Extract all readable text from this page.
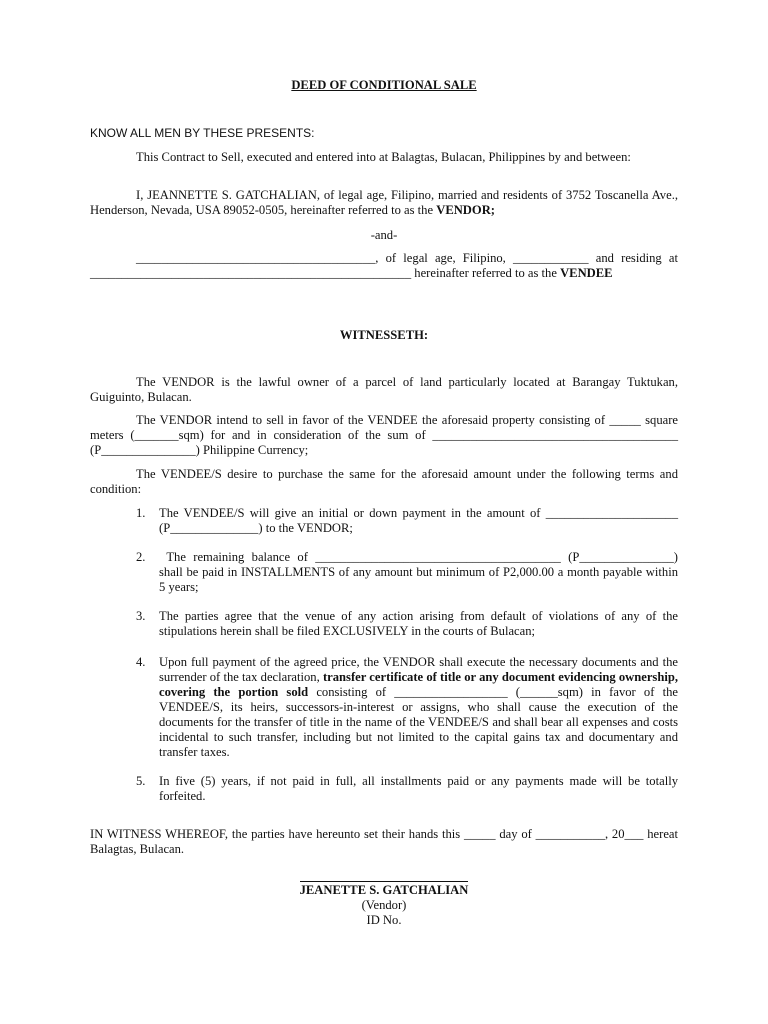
DEED OF CONDITIONAL SALE
KNOW ALL MEN BY THESE PRESENTS:
This Contract to Sell, executed and entered into at Balagtas, Bulacan, Philippines by and between:
I, JEANNETTE S. GATCHALIAN, of legal age, Filipino, married and residents of 3752 Toscanella Ave., Henderson, Nevada, USA 89052-0505, hereinafter referred to as the VENDOR;
-and-
______________________________________, of legal age, Filipino, ____________ and residing at ___________________________________________________ hereinafter referred to as the VENDEE
WITNESSETH:
The VENDOR is the lawful owner of a parcel of land particularly located at Barangay Tuktukan, Guiguinto, Bulacan.
The VENDOR intend to sell in favor of the VENDEE the aforesaid property consisting of _____ square meters (_______sqm) for and in consideration of the sum of _______________________________________ (P_______________) Philippine Currency;
The VENDEE/S desire to purchase the same for the aforesaid amount under the following terms and condition:
1. The VENDEE/S will give an initial or down payment in the amount of _____________________ (P______________) to the VENDOR;
2. The remaining balance of _______________________________________ (P_______________) shall be paid in INSTALLMENTS of any amount but minimum of P2,000.00 a month payable within 5 years;
3. The parties agree that the venue of any action arising from default of violations of any of the stipulations herein shall be filed EXCLUSIVELY in the courts of Bulacan;
4. Upon full payment of the agreed price, the VENDOR shall execute the necessary documents and the surrender of the tax declaration, transfer certificate of title or any document evidencing ownership, covering the portion sold consisting of __________________ (______sqm) in favor of the VENDEE/S, its heirs, successors-in-interest or assigns, who shall cause the execution of the documents for the transfer of title in the name of the VENDEE/S and shall bear all expenses and costs incidental to such transfer, including but not limited to the capital gains tax and documentary and transfer taxes.
5. In five (5) years, if not paid in full, all installments paid or any payments made will be totally forfeited.
IN WITNESS WHEREOF, the parties have hereunto set their hands this _____ day of ___________, 20___ hereat Balagtas, Bulacan.
JEANETTE S. GATCHALIAN
(Vendor)
ID No.
